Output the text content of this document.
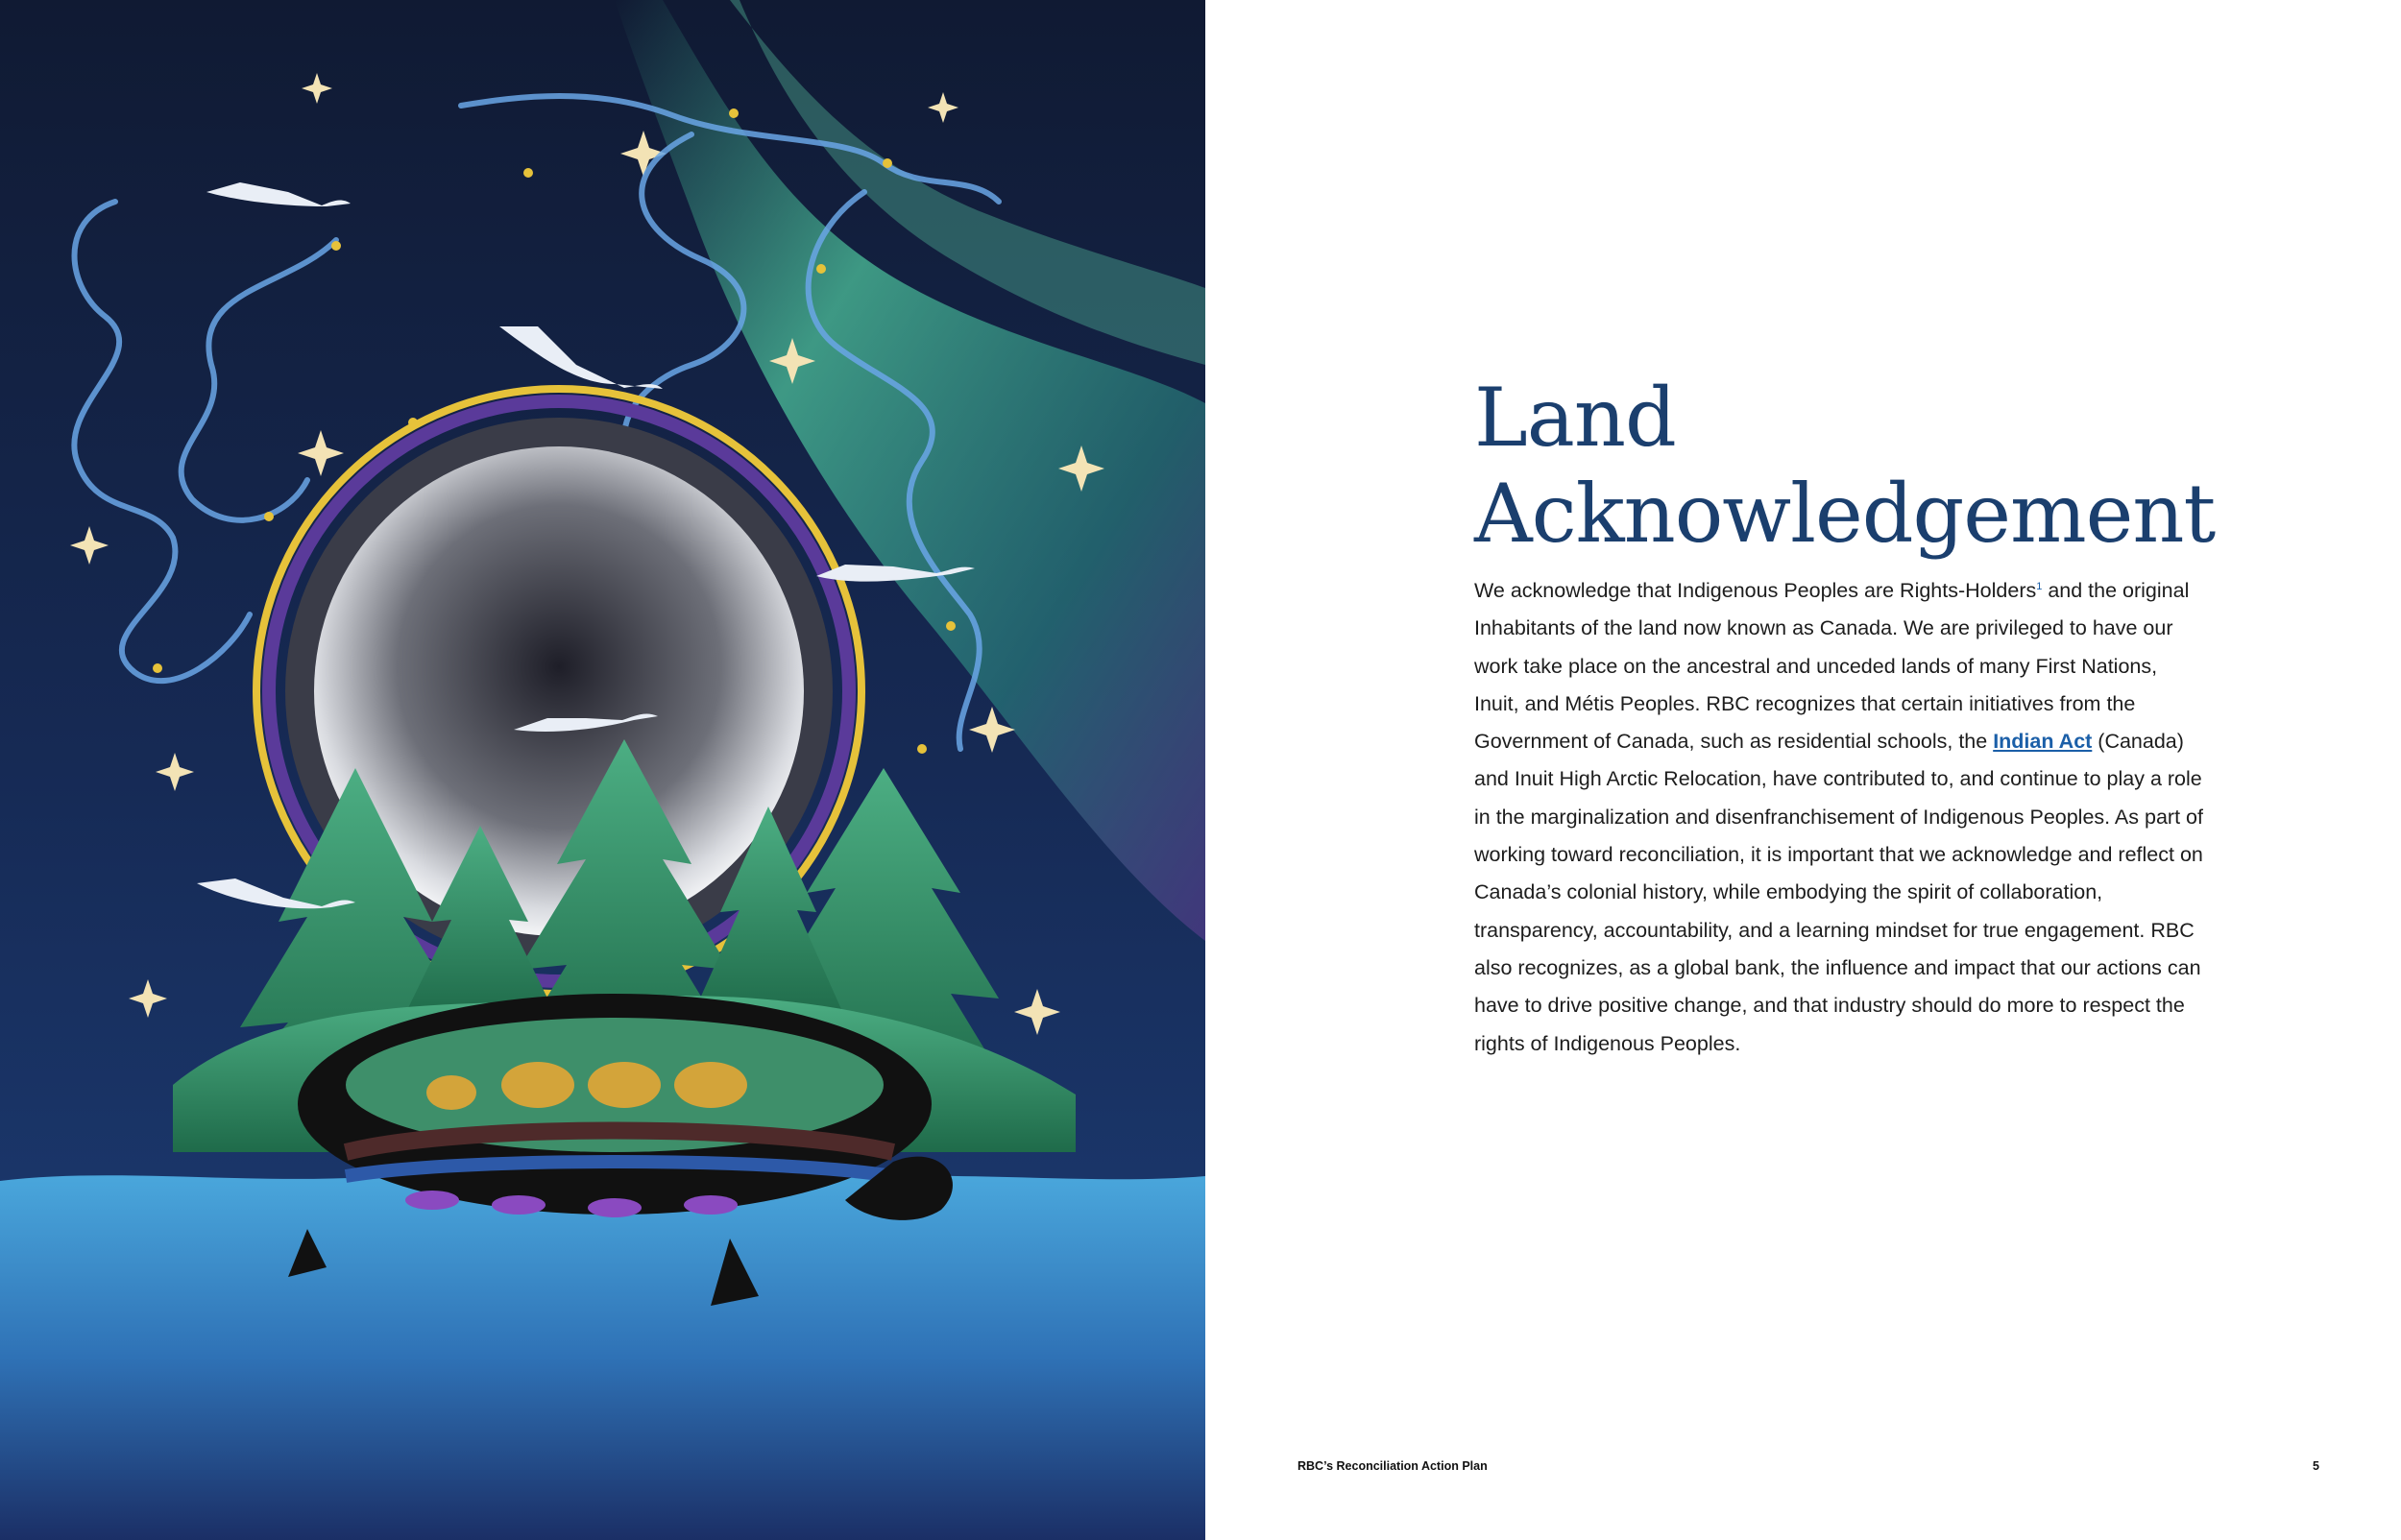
Land
Acknowledgement

We acknowledge that Indigenous Peoples are Rights-Holders$^1$ and the original Inhabitants of the land now known as Canada. We are privileged to have our work take place on the ancestral and unceded lands of many First Nations, Inuit, and Métis Peoples. RBC recognizes that certain initiatives from the Government of Canada, such as residential schools, the Indian Act (Canada) and Inuit High Arctic Relocation, have contributed to, and continue to play a role in the marginalization and disenfranchisement of Indigenous Peoples. As part of working toward reconciliation, it is important that we acknowledge and reflect on Canada’s colonial history, while embodying the spirit of collaboration, transparency, accountability, and a learning mindset for true engagement. RBC also recognizes, as a global bank, the influence and impact that our actions can have to drive positive change, and that industry should do more to respect the rights of Indigenous Peoples.

RBC’s Reconciliation Action Plan	5
